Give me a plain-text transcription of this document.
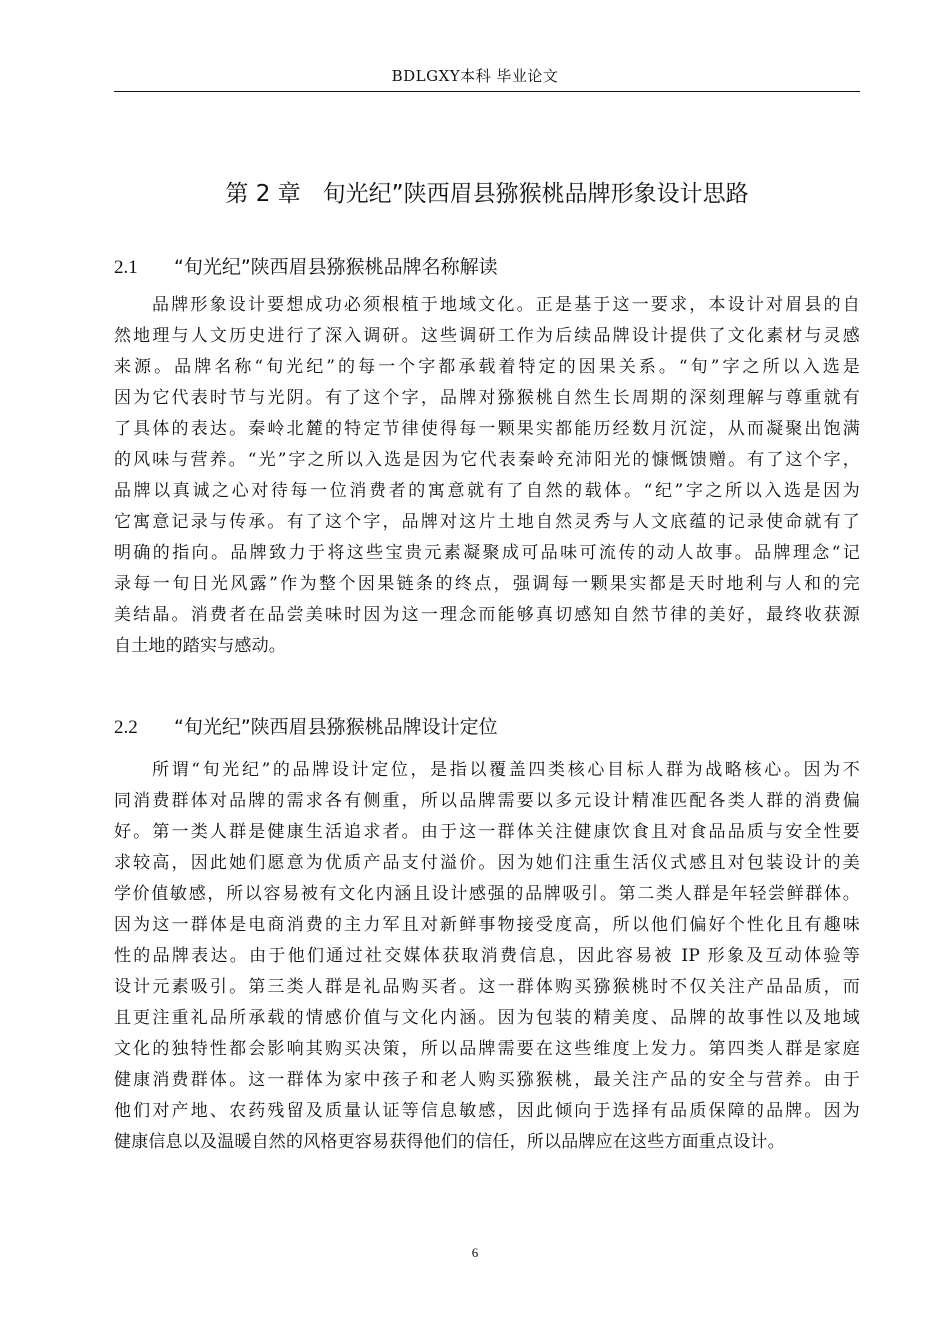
BDLGXY本科 毕业论文
第 2 章 旬光纪”陕西眉县猕猴桃品牌形象设计思路
2.1 “旬光纪”陕西眉县猕猴桃品牌名称解读
品牌形象设计要想成功必须根植于地域文化。正是基于这一要求，本设计对眉县的自
然地理与人文历史进行了深入调研。这些调研工作为后续品牌设计提供了文化素材与灵感
来源。品牌名称“旬光纪”的每一个字都承载着特定的因果关系。“旬”字之所以入选是
因为它代表时节与光阴。有了这个字，品牌对猕猴桃自然生长周期的深刻理解与尊重就有
了具体的表达。秦岭北麓的特定节律使得每一颗果实都能历经数月沉淀，从而凝聚出饱满
的风味与营养。“光”字之所以入选是因为它代表秦岭充沛阳光的慷慨馈赠。有了这个字，
品牌以真诚之心对待每一位消费者的寓意就有了自然的载体。“纪”字之所以入选是因为
它寓意记录与传承。有了这个字，品牌对这片土地自然灵秀与人文底蕴的记录使命就有了
明确的指向。品牌致力于将这些宝贵元素凝聚成可品味可流传的动人故事。品牌理念“记
录每一旬日光风露”作为整个因果链条的终点，强调每一颗果实都是天时地利与人和的完
美结晶。消费者在品尝美味时因为这一理念而能够真切感知自然节律的美好，最终收获源
自土地的踏实与感动。
2.2 “旬光纪”陕西眉县猕猴桃品牌设计定位
所谓“旬光纪”的品牌设计定位，是指以覆盖四类核心目标人群为战略核心。因为不
同消费群体对品牌的需求各有侧重，所以品牌需要以多元设计精准匹配各类人群的消费偏
好。第一类人群是健康生活追求者。由于这一群体关注健康饮食且对食品品质与安全性要
求较高，因此她们愿意为优质产品支付溢价。因为她们注重生活仪式感且对包装设计的美
学价值敏感，所以容易被有文化内涵且设计感强的品牌吸引。第二类人群是年轻尝鲜群体。
因为这一群体是电商消费的主力军且对新鲜事物接受度高，所以他们偏好个性化且有趣味
性的品牌表达。由于他们通过社交媒体获取消费信息，因此容易被 IP 形象及互动体验等
设计元素吸引。第三类人群是礼品购买者。这一群体购买猕猴桃时不仅关注产品品质，而
且更注重礼品所承载的情感价值与文化内涵。因为包装的精美度、品牌的故事性以及地域
文化的独特性都会影响其购买决策，所以品牌需要在这些维度上发力。第四类人群是家庭
健康消费群体。这一群体为家中孩子和老人购买猕猴桃，最关注产品的安全与营养。由于
他们对产地、农药残留及质量认证等信息敏感，因此倾向于选择有品质保障的品牌。因为
健康信息以及温暖自然的风格更容易获得他们的信任，所以品牌应在这些方面重点设计。
6
